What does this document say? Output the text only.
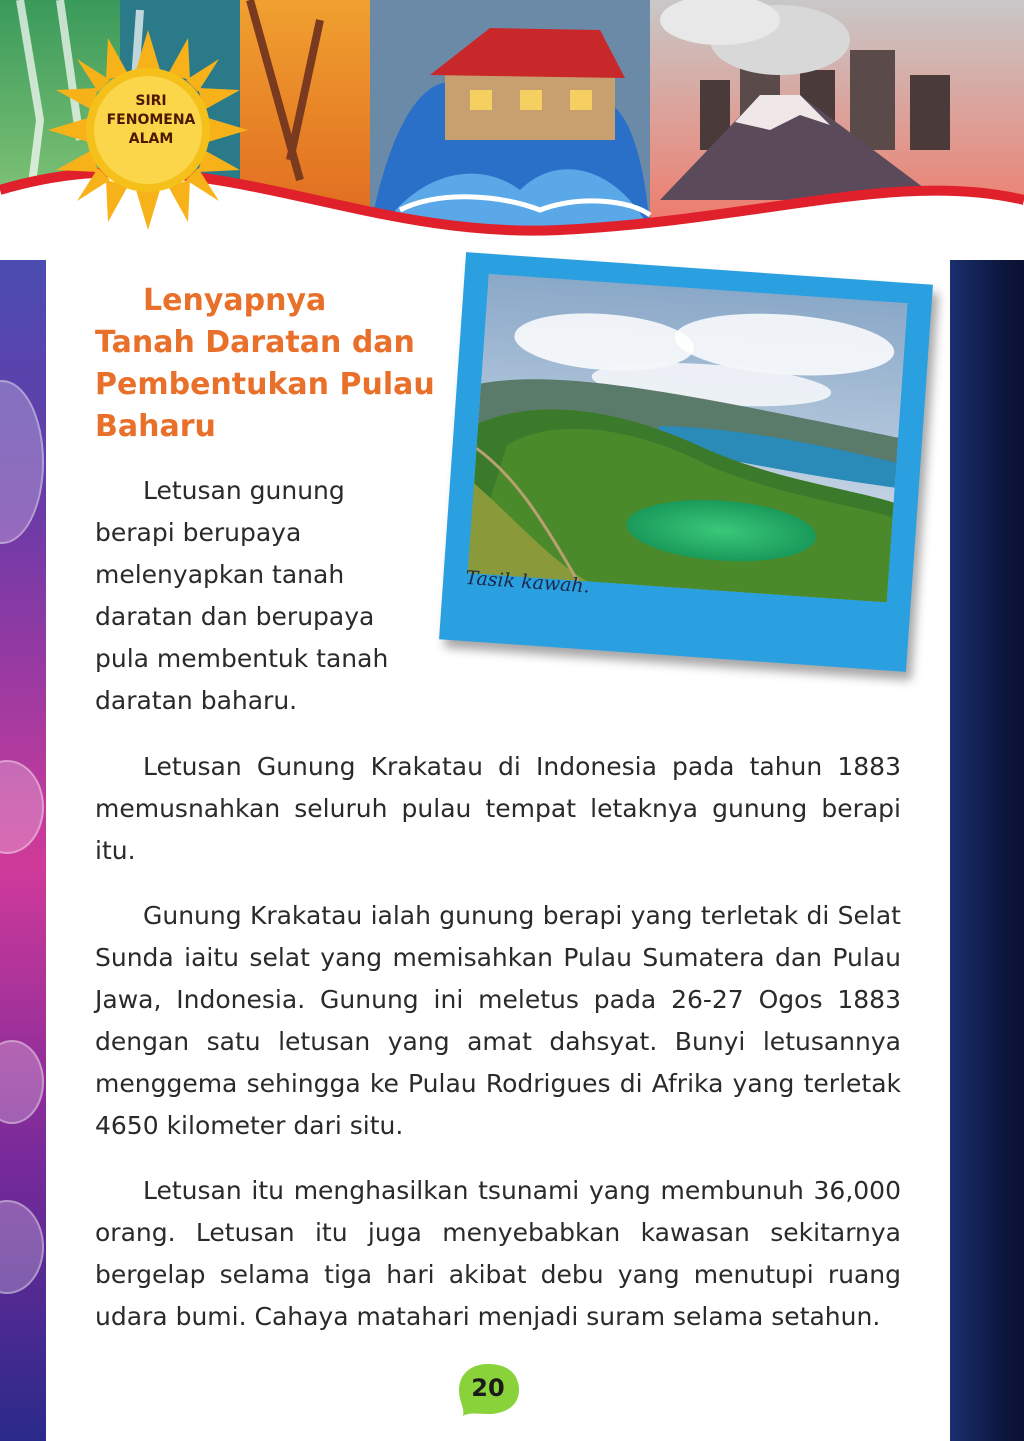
SIRI FENOMENA ALAM
Lenyapnya
Tanah Daratan dan Pembentukan Pulau Baharu

Letusan gunung berapi berupaya melenyapkan tanah daratan dan berupaya pula membentuk tanah daratan baharu.

Tasik kawah.

Letusan Gunung Krakatau di Indonesia pada tahun 1883 memusnahkan seluruh pulau tempat letaknya gunung berapi itu.

Gunung Krakatau ialah gunung berapi yang terletak di Selat Sunda iaitu selat yang memisahkan Pulau Sumatera dan Pulau Jawa, Indonesia. Gunung ini meletus pada 26-27 Ogos 1883 dengan satu letusan yang amat dahsyat. Bunyi letusannya menggema sehingga ke Pulau Rodrigues di Afrika yang terletak 4650 kilometer dari situ.

Letusan itu menghasilkan tsunami yang membunuh 36,000 orang. Letusan itu juga menyebabkan kawasan sekitarnya bergelap selama tiga hari akibat debu yang menutupi ruang udara bumi. Cahaya matahari menjadi suram selama setahun.

20
